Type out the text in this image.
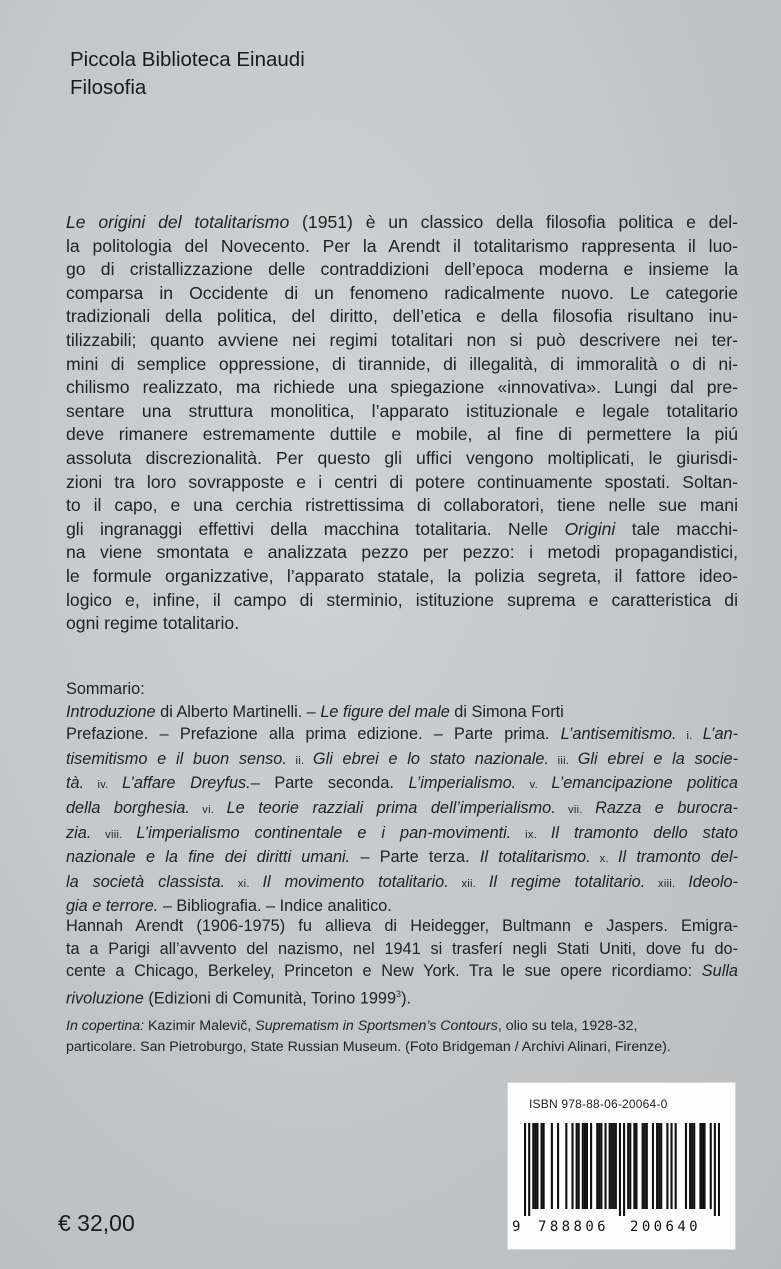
Piccola Biblioteca Einaudi
Filosofia
Le origini del totalitarismo (1951) è un classico della filosofia politica e del-
la politologia del Novecento. Per la Arendt il totalitarismo rappresenta il luo-
go di cristallizzazione delle contraddizioni dell’epoca moderna e insieme la
comparsa in Occidente di un fenomeno radicalmente nuovo. Le categorie
tradizionali della politica, del diritto, dell’etica e della filosofia risultano inu-
tilizzabili; quanto avviene nei regimi totalitari non si può descrivere nei ter-
mini di semplice oppressione, di tirannide, di illegalità, di immoralità o di ni-
chilismo realizzato, ma richiede una spiegazione «innovativa». Lungi dal pre-
sentare una struttura monolitica, l’apparato istituzionale e legale totalitario
deve rimanere estremamente duttile e mobile, al fine di permettere la piú
assoluta discrezionalità. Per questo gli uffici vengono moltiplicati, le giurisdi-
zioni tra loro sovrapposte e i centri di potere continuamente spostati. Soltan-
to il capo, e una cerchia ristrettissima di collaboratori, tiene nelle sue mani
gli ingranaggi effettivi della macchina totalitaria. Nelle Origini tale macchi-
na viene smontata e analizzata pezzo per pezzo: i metodi propagandistici,
le formule organizzative, l’apparato statale, la polizia segreta, il fattore ideo-
logico e, infine, il campo di sterminio, istituzione suprema e caratteristica di
ogni regime totalitario.
Sommario:
Introduzione di Alberto Martinelli. – Le figure del male di Simona Forti
Prefazione. – Prefazione alla prima edizione. – Parte prima. L’antisemitismo. i. L’an-
tisemitismo e il buon senso. ii. Gli ebrei e lo stato nazionale. iii. Gli ebrei e la socie-
tà. iv. L’affare Dreyfus.– Parte seconda. L’imperialismo. v. L’emancipazione politica
della borghesia. vi. Le teorie razziali prima dell’imperialismo. vii. Razza e burocra-
zia. viii. L’imperialismo continentale e i pan-movimenti. ix. Il tramonto dello stato
nazionale e la fine dei diritti umani. – Parte terza. Il totalitarismo. x. Il tramonto del-
la società classista. xi. Il movimento totalitario. xii. Il regime totalitario. xiii. Ideolo-
gia e terrore. – Bibliografia. – Indice analitico.
Hannah Arendt (1906-1975) fu allieva di Heidegger, Bultmann e Jaspers. Emigra-
ta a Parigi all’avvento del nazismo, nel 1941 si trasferí negli Stati Uniti, dove fu do-
cente a Chicago, Berkeley, Princeton e New York. Tra le sue opere ricordiamo: Sulla
rivoluzione (Edizioni di Comunità, Torino 1999$^3$).
In copertina: Kazimir Malevič, Suprematism in Sportsmen’s Contours, olio su tela, 1928-32,
particolare. San Pietroburgo, State Russian Museum. (Foto Bridgeman / Archivi Alinari, Firenze).
€ 32,00
ISBN 978-88-06-20064-0
9 788806 200640
